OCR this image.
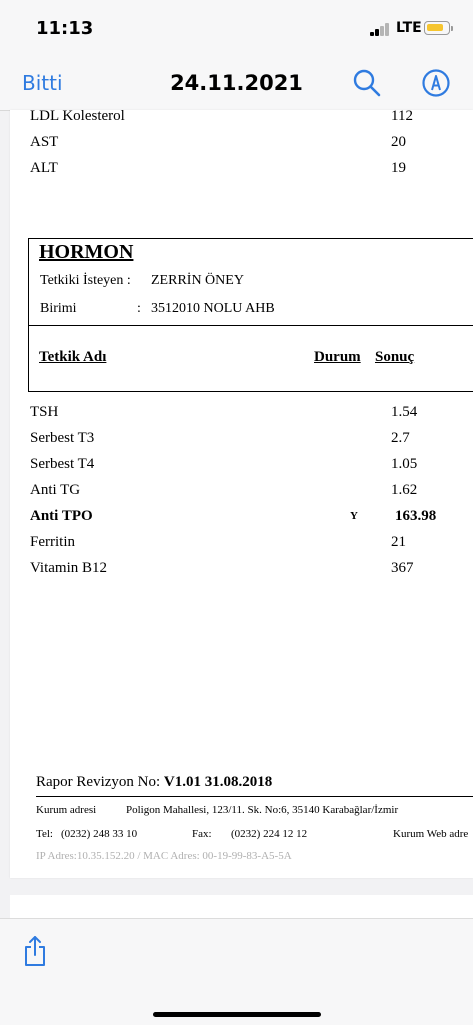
11:13	LTE
Bitti	24.11.2021
LDL Kolesterol	112
AST	20
ALT	19
HORMON
Tetkiki İsteyen : ZERRİN ÖNEY
Birimi	: 3512010 NOLU AHB
Tetkik Adı	Durum Sonuç
TSH	1.54
Serbest T3	2.7
Serbest T4	1.05
Anti TG	1.62
Anti TPO	Y 163.98
Ferritin	21
Vitamin B12	367
Rapor Revizyon No: V1.01 31.08.2018
Kurum adresi	Poligon Mahallesi, 123/11. Sk. No:6, 35140 Karabağlar/İzmir
Tel: (0232) 248 33 10	Fax: (0232) 224 12 12	Kurum Web adre
IP Adres:10.35.152.20 / MAC Adres: 00-19-99-83-A5-5A
